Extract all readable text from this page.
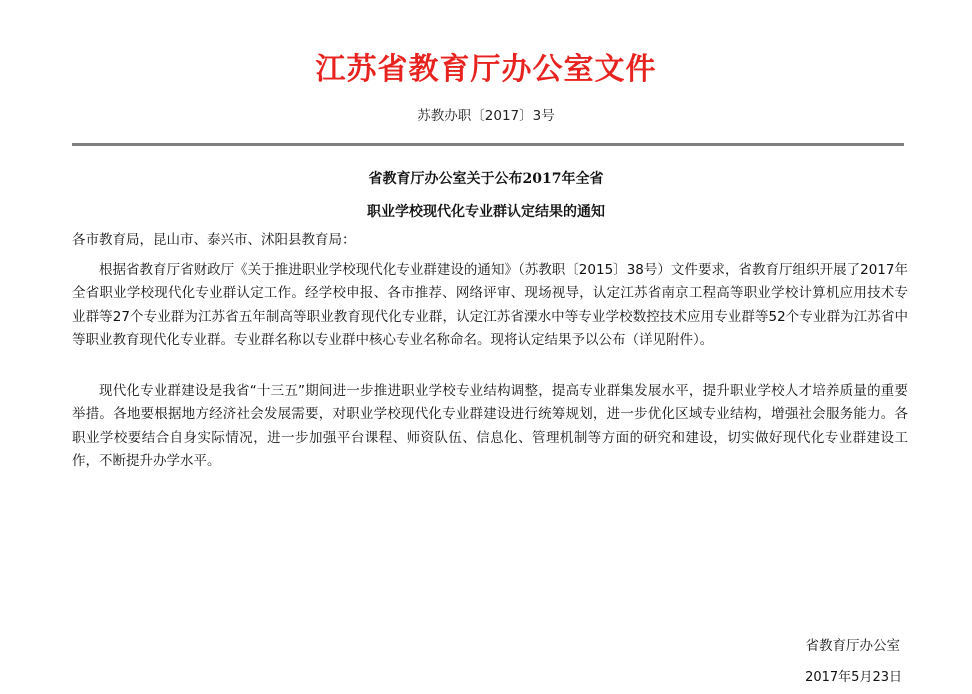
江苏省教育厅办公室文件
苏教办职〔2017〕3号
省教育厅办公室关于公布2017年全省
职业学校现代化专业群认定结果的通知
各市教育局，昆山市、泰兴市、沭阳县教育局：
根据省教育厅省财政厅《关于推进职业学校现代化专业群建设的通知》（苏教职〔2015〕38号）文件要求，省教育厅组织开展了2017年全省职业学校现代化专业群认定工作。经学校申报、各市推荐、网络评审、现场视导，认定江苏省南京工程高等职业学校计算机应用技术专业群等27个专业群为江苏省五年制高等职业教育现代化专业群，认定江苏省溧水中等专业学校数控技术应用专业群等52个专业群为江苏省中等职业教育现代化专业群。专业群名称以专业群中核心专业名称命名。现将认定结果予以公布（详见附件）。
现代化专业群建设是我省“十三五”期间进一步推进职业学校专业结构调整，提高专业群集发展水平，提升职业学校人才培养质量的重要举措。各地要根据地方经济社会发展需要，对职业学校现代化专业群建设进行统筹规划，进一步优化区域专业结构，增强社会服务能力。各职业学校要结合自身实际情况，进一步加强平台课程、师资队伍、信息化、管理机制等方面的研究和建设，切实做好现代化专业群建设工作，不断提升办学水平。
省教育厅办公室
2017年5月23日
